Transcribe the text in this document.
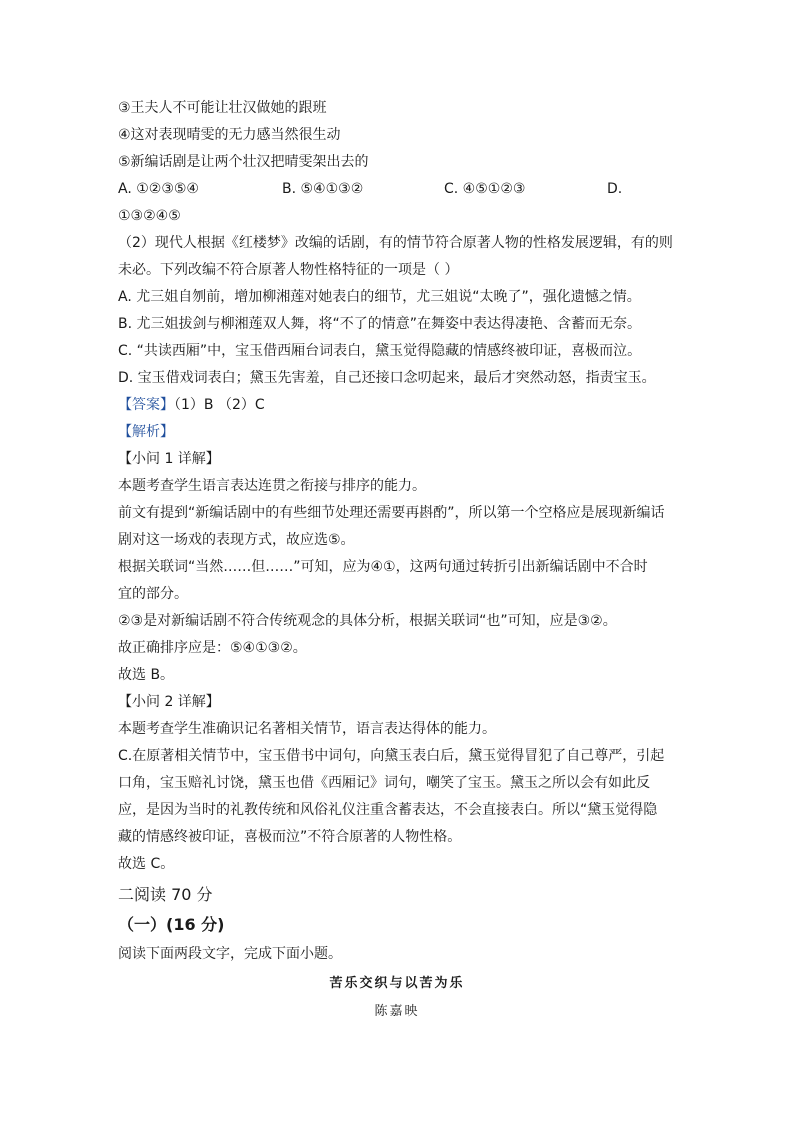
③王夫人不可能让壮汉做她的跟班
④这对表现晴雯的无力感当然很生动
⑤新编话剧是让两个壮汉把晴雯架出去的
A. ①②③⑤④	B. ⑤④①③②	C. ④⑤①②③	D.
①③②④⑤
（2）现代人根据《红楼梦》改编的话剧，有的情节符合原著人物的性格发展逻辑，有的则
未必。下列改编不符合原著人物性格特征的一项是（ ）
A. 尤三姐自刎前，增加柳湘莲对她表白的细节，尤三姐说“太晚了”，强化遗憾之情。
B. 尤三姐拔剑与柳湘莲双人舞，将“不了的情意”在舞姿中表达得凄艳、含蓄而无奈。
C. “共读西厢”中，宝玉借西厢台词表白，黛玉觉得隐藏的情感终被印证，喜极而泣。
D. 宝玉借戏词表白；黛玉先害羞，自己还接口念叨起来，最后才突然动怒，指责宝玉。
【答案】（1）B （2）C
【解析】
【小问 1 详解】
本题考查学生语言表达连贯之衔接与排序的能力。
前文有提到“新编话剧中的有些细节处理还需要再斟酌”，所以第一个空格应是展现新编话
剧对这一场戏的表现方式，故应选⑤。
根据关联词“当然……但……”可知，应为④①，这两句通过转折引出新编话剧中不合时
宜的部分。
②③是对新编话剧不符合传统观念的具体分析，根据关联词“也”可知，应是③②。
故正确排序应是：⑤④①③②。
故选 B。
【小问 2 详解】
本题考查学生准确识记名著相关情节，语言表达得体的能力。
C.在原著相关情节中，宝玉借书中词句，向黛玉表白后，黛玉觉得冒犯了自己尊严，引起
口角，宝玉赔礼讨饶，黛玉也借《西厢记》词句，嘲笑了宝玉。黛玉之所以会有如此反
应，是因为当时的礼教传统和风俗礼仪注重含蓄表达，不会直接表白。所以“黛玉觉得隐
藏的情感终被印证，喜极而泣”不符合原著的人物性格。
故选 C。
二阅读 70 分
（一）(16 分)
阅读下面两段文字，完成下面小题。
苦乐交织与以苦为乐
陈嘉映
